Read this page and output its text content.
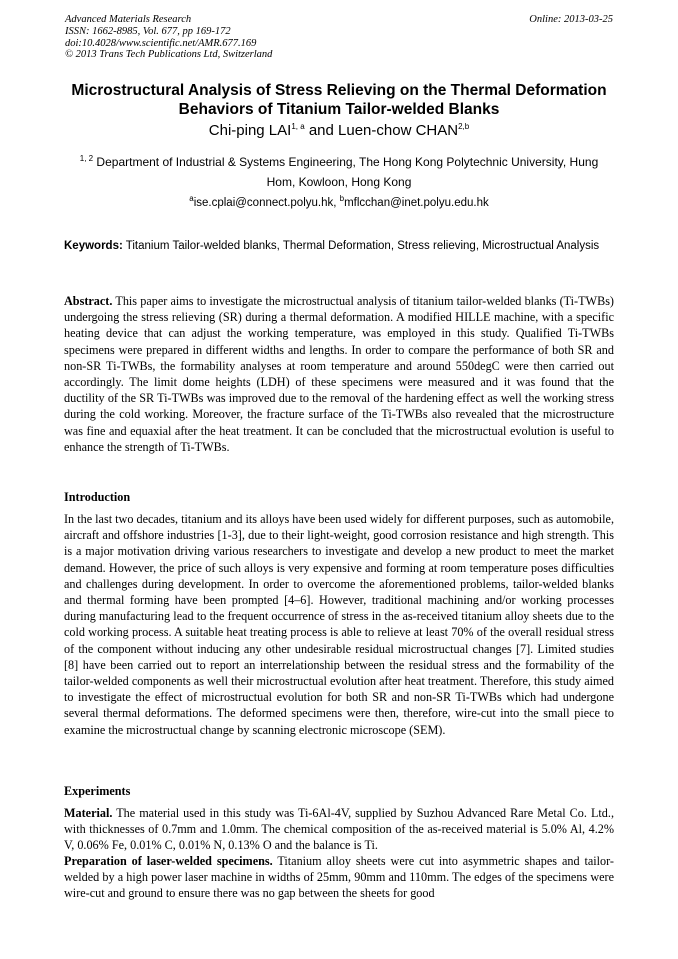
Advanced Materials Research
ISSN: 1662-8985, Vol. 677, pp 169-172
doi:10.4028/www.scientific.net/AMR.677.169
© 2013 Trans Tech Publications Ltd, Switzerland
Online: 2013-03-25
Microstructural Analysis of Stress Relieving on the Thermal Deformation
Behaviors of Titanium Tailor-welded Blanks
Chi-ping LAI$^{1, a}$ and Luen-chow CHAN$^{2,b}$
$^{1, 2}$ Department of Industrial & Systems Engineering, The Hong Kong Polytechnic University, Hung Hom, Kowloon, Hong Kong
$^a$ise.cplai@connect.polyu.hk, $^b$mflcchan@inet.polyu.edu.hk
Keywords: Titanium Tailor-welded blanks, Thermal Deformation, Stress relieving, Microstructual Analysis
Abstract. This paper aims to investigate the microstructual analysis of titanium tailor-welded blanks (Ti-TWBs) undergoing the stress relieving (SR) during a thermal deformation. A modified HILLE machine, with a specific heating device that can adjust the working temperature, was employed in this study. Qualified Ti-TWBs specimens were prepared in different widths and lengths. In order to compare the performance of both SR and non-SR Ti-TWBs, the formability analyses at room temperature and around 550degC were then carried out accordingly. The limit dome heights (LDH) of these specimens were measured and it was found that the ductility of the SR Ti-TWBs was improved due to the removal of the hardening effect as well the working stress during the cold working. Moreover, the fracture surface of the Ti-TWBs also revealed that the microstructure was fine and equaxial after the heat treatment. It can be concluded that the microstructual evolution is useful to enhance the strength of Ti-TWBs.
Introduction
In the last two decades, titanium and its alloys have been used widely for different purposes, such as automobile, aircraft and offshore industries [1-3], due to their light-weight, good corrosion resistance and high strength. This is a major motivation driving various researchers to investigate and develop a new product to meet the market demand. However, the price of such alloys is very expensive and forming at room temperature poses difficulties and challenges during development. In order to overcome the aforementioned problems, tailor-welded blanks and thermal forming have been prompted [4–6]. However, traditional machining and/or working processes during manufacturing lead to the frequent occurrence of stress in the as-received titanium alloy sheets due to the cold working process. A suitable heat treating process is able to relieve at least 70% of the overall residual stress of the component without inducing any other undesirable residual microstructual changes [7]. Limited studies [8] have been carried out to report an interrelationship between the residual stress and the formability of the tailor-welded components as well their microstructual evolution after heat treatment. Therefore, this study aimed to investigate the effect of microstructual evolution for both SR and non-SR Ti-TWBs which had undergone several thermal deformations. The deformed specimens were then, therefore, wire-cut into the small piece to examine the microstructual change by scanning electronic microscope (SEM).
Experiments
Material. The material used in this study was Ti-6Al-4V, supplied by Suzhou Advanced Rare Metal Co. Ltd., with thicknesses of 0.7mm and 1.0mm. The chemical composition of the as-received material is 5.0% Al, 4.2% V, 0.06% Fe, 0.01% C, 0.01% N, 0.13% O and the balance is Ti.
Preparation of laser-welded specimens. Titanium alloy sheets were cut into asymmetric shapes and tailor-welded by a high power laser machine in widths of 25mm, 90mm and 110mm. The edges of the specimens were wire-cut and ground to ensure there was no gap between the sheets for good
